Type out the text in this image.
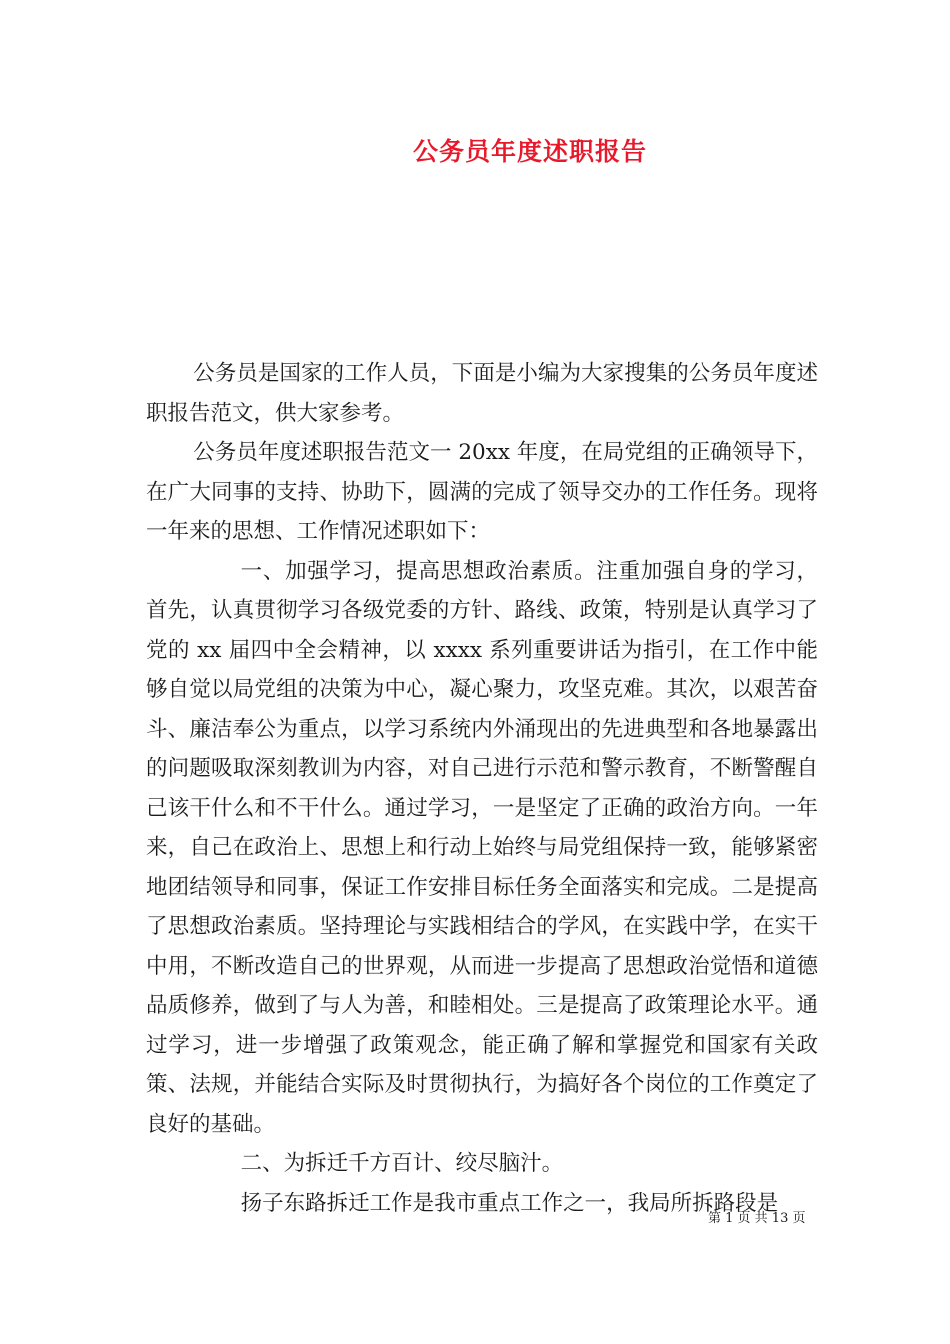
公务员年度述职报告

公务员是国家的工作人员，下面是小编为大家搜集的公务员年度述职报告范文，供大家参考。

公务员年度述职报告范文一 20xx 年度，在局党组的正确领导下，在广大同事的支持、协助下，圆满的完成了领导交办的工作任务。现将一年来的思想、工作情况述职如下：

一、加强学习，提高思想政治素质。注重加强自身的学习，首先，认真贯彻学习各级党委的方针、路线、政策，特别是认真学习了党的 xx 届四中全会精神，以 xxxx 系列重要讲话为指引，在工作中能够自觉以局党组的决策为中心，凝心聚力，攻坚克难。其次，以艰苦奋斗、廉洁奉公为重点，以学习系统内外涌现出的先进典型和各地暴露出的问题吸取深刻教训为内容，对自己进行示范和警示教育，不断警醒自己该干什么和不干什么。通过学习，一是坚定了正确的政治方向。一年来，自己在政治上、思想上和行动上始终与局党组保持一致，能够紧密地团结领导和同事，保证工作安排目标任务全面落实和完成。二是提高了思想政治素质。坚持理论与实践相结合的学风，在实践中学，在实干中用，不断改造自己的世界观，从而进一步提高了思想政治觉悟和道德品质修养，做到了与人为善，和睦相处。三是提高了政策理论水平。通过学习，进一步增强了政策观念，能正确了解和掌握党和国家有关政策、法规，并能结合实际及时贯彻执行，为搞好各个岗位的工作奠定了良好的基础。

二、为拆迁千方百计、绞尽脑汁。

扬子东路拆迁工作是我市重点工作之一，我局所拆路段是

第 1 页 共 13 页
